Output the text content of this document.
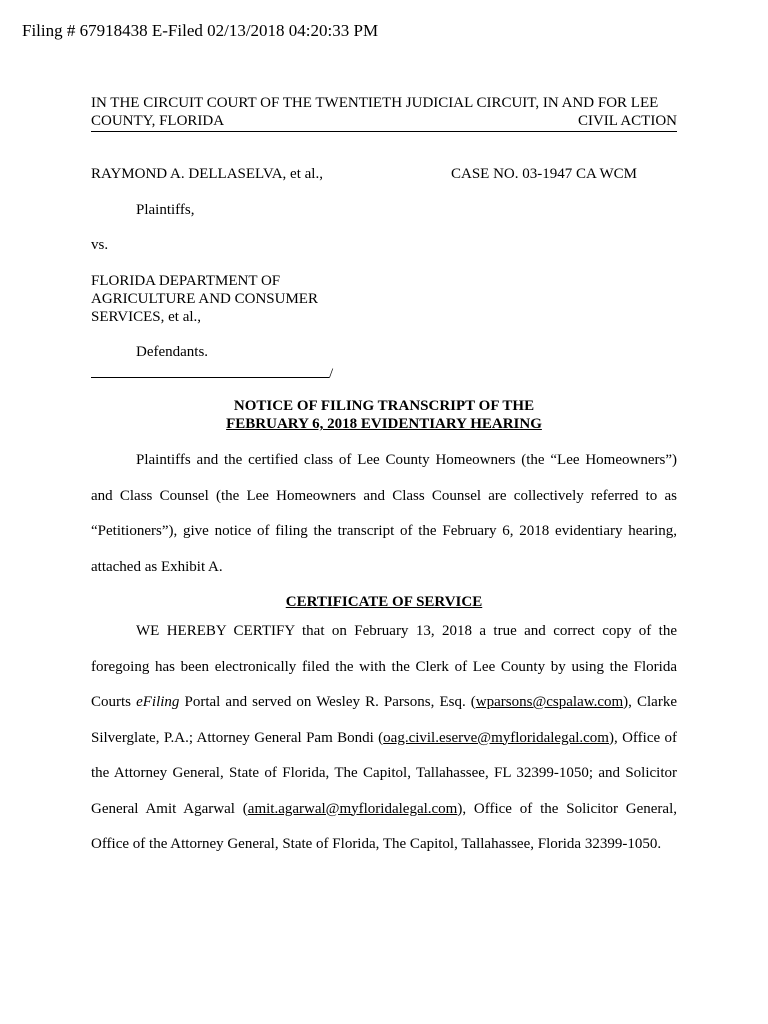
Filing # 67918438 E-Filed 02/13/2018 04:20:33 PM
IN THE CIRCUIT COURT OF THE TWENTIETH JUDICIAL CIRCUIT, IN AND FOR LEE
COUNTY, FLORIDA	CIVIL ACTION
RAYMOND A. DELLASELVA, et al.,	CASE NO. 03-1947 CA WCM
Plaintiffs,
vs.
FLORIDA DEPARTMENT OF
AGRICULTURE AND CONSUMER
SERVICES, et al.,
Defendants.
/
NOTICE OF FILING TRANSCRIPT OF THE
FEBRUARY 6, 2018 EVIDENTIARY HEARING
Plaintiffs and the certified class of Lee County Homeowners (the “Lee Homeowners”)
and Class Counsel (the Lee Homeowners and Class Counsel are collectively referred to as
“Petitioners”), give notice of filing the transcript of the February 6, 2018 evidentiary hearing,
attached as Exhibit A.
CERTIFICATE OF SERVICE
WE HEREBY CERTIFY that on February 13, 2018 a true and correct copy of the
foregoing has been electronically filed the with the Clerk of Lee County by using the Florida
Courts eFiling Portal and served on Wesley R. Parsons, Esq. (wparsons@cspalaw.com), Clarke
Silverglate, P.A.; Attorney General Pam Bondi (oag.civil.eserve@myfloridalegal.com), Office of
the Attorney General, State of Florida, The Capitol, Tallahassee, FL 32399-1050; and Solicitor
General Amit Agarwal (amit.agarwal@myfloridalegal.com), Office of the Solicitor General,
Office of the Attorney General, State of Florida, The Capitol, Tallahassee, Florida 32399-1050.
